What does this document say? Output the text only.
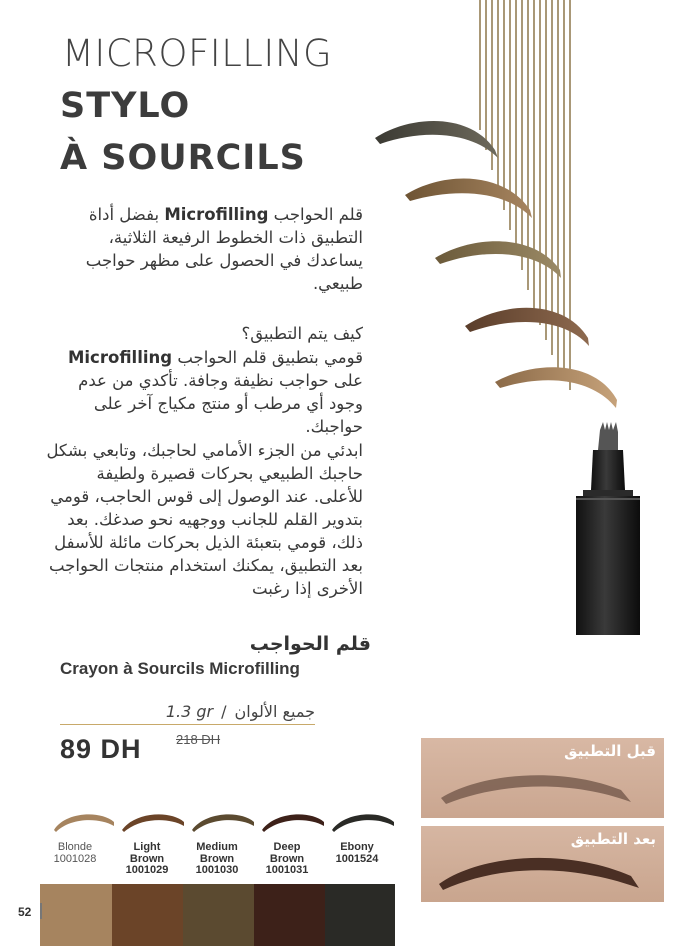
MICROFILLING
STYLO
À SOURCILS
قلم الحواجب Microfilling بفضل أداة التطبيق ذات الخطوط الرفيعة الثلاثية، يساعدك في الحصول على مظهر حواجب طبيعي.
كيف يتم التطبيق؟
قومي بتطبيق قلم الحواجب Microfilling على حواجب نظيفة وجافة. تأكدي من عدم وجود أي مرطب أو منتج مكياج آخر على حواجبك.
ابدئي من الجزء الأمامي لحاجبك، وتابعي بشكل حاجبك الطبيعي بحركات قصيرة ولطيفة للأعلى. عند الوصول إلى قوس الحاجب، قومي بتدوير القلم للجانب ووجهيه نحو صدغك. بعد ذلك، قومي بتعبئة الذيل بحركات مائلة للأسفل بعد التطبيق، يمكنك استخدام منتجات الحواجب الأخرى إذا رغبت
قلم الحواجب
Crayon à Sourcils Microfilling
1.3 gr / جميع الألوان
89 DH	218 DH
Blonde
1001028
Light Brown
1001029
Medium Brown
1001030
Deep Brown
1001031
Ebony
1001524
52
قبل التطبيق
بعد التطبيق
